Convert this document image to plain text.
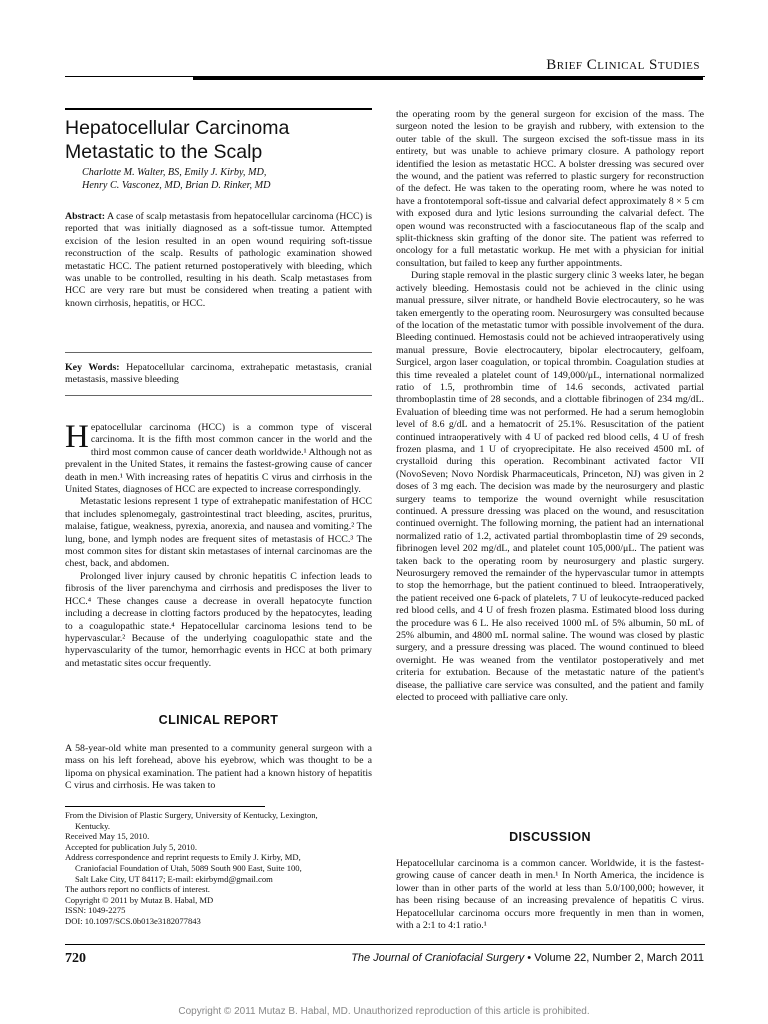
Brief Clinical Studies
Hepatocellular Carcinoma Metastatic to the Scalp
Charlotte M. Walter, BS, Emily J. Kirby, MD,
Henry C. Vasconez, MD, Brian D. Rinker, MD

Abstract: A case of scalp metastasis from hepatocellular carcinoma (HCC) is reported that was initially diagnosed as a soft-tissue tumor. Attempted excision of the lesion resulted in an open wound requiring soft-tissue reconstruction of the scalp. Results of pathologic examination showed metastatic HCC. The patient returned postoperatively with bleeding, which was unable to be controlled, resulting in his death. Scalp metastases from HCC are very rare but must be considered when treating a patient with known cirrhosis, hepatitis, or HCC.

Key Words: Hepatocellular carcinoma, extrahepatic metastasis, cranial metastasis, massive bleeding

Hepatocellular carcinoma (HCC) is a common type of visceral carcinoma. It is the fifth most common cancer in the world and the third most common cause of cancer death worldwide.¹ Although not as prevalent in the United States, it remains the fastest-growing cause of cancer death in men.¹ With increasing rates of hepatitis C virus and cirrhosis in the United States, diagnoses of HCC are expected to increase correspondingly.

Metastatic lesions represent 1 type of extrahepatic manifestation of HCC that includes splenomegaly, gastrointestinal tract bleeding, ascites, pruritus, malaise, fatigue, weakness, pyrexia, anorexia, and nausea and vomiting.² The lung, bone, and lymph nodes are frequent sites of metastasis of HCC.³ The most common sites for distant skin metastases of internal carcinomas are the chest, back, and abdomen.

Prolonged liver injury caused by chronic hepatitis C infection leads to fibrosis of the liver parenchyma and cirrhosis and predisposes the liver to HCC.⁴ These changes cause a decrease in overall hepatocyte function including a decrease in clotting factors produced by the hepatocytes, leading to a coagulopathic state.⁴ Hepatocellular carcinoma lesions tend to be hypervascular.² Because of the underlying coagulopathic state and the hypervascularity of the tumor, hemorrhagic events in HCC at both primary and metastatic sites occur frequently.

CLINICAL REPORT

A 58-year-old white man presented to a community general surgeon with a mass on his left forehead, above his eyebrow, which was thought to be a lipoma on physical examination. The patient had a known history of hepatitis C virus and cirrhosis. He was taken to

From the Division of Plastic Surgery, University of Kentucky, Lexington,
Kentucky.
Received May 15, 2010.
Accepted for publication July 5, 2010.
Address correspondence and reprint requests to Emily J. Kirby, MD,
Craniofacial Foundation of Utah, 5089 South 900 East, Suite 100,
Salt Lake City, UT 84117; E-mail: ekirbymd@gmail.com
The authors report no conflicts of interest.
Copyright © 2011 by Mutaz B. Habal, MD
ISSN: 1049-2275
DOI: 10.1097/SCS.0b013e3182077843

the operating room by the general surgeon for excision of the mass. The surgeon noted the lesion to be grayish and rubbery, with extension to the outer table of the skull. The surgeon excised the soft-tissue mass in its entirety, but was unable to achieve primary closure. A pathology report identified the lesion as metastatic HCC. A bolster dressing was secured over the wound, and the patient was referred to plastic surgery for reconstruction of the defect. He was taken to the operating room, where he was noted to have a frontotemporal soft-tissue and calvarial defect approximately 8 × 5 cm with exposed dura and lytic lesions surrounding the calvarial defect. The open wound was reconstructed with a fasciocutaneous flap of the scalp and split-thickness skin grafting of the donor site. The patient was referred to oncology for a full metastatic workup. He met with a physician for initial consultation, but failed to keep any further appointments.

During staple removal in the plastic surgery clinic 3 weeks later, he began actively bleeding. Hemostasis could not be achieved in the clinic using manual pressure, silver nitrate, or handheld Bovie electrocautery, so he was taken emergently to the operating room. Neurosurgery was consulted because of the location of the metastatic tumor with possible involvement of the dura. Bleeding continued. Hemostasis could not be achieved intraoperatively using manual pressure, Bovie electrocautery, bipolar electrocautery, gelfoam, Surgicel, argon laser coagulation, or topical thrombin. Coagulation studies at this time revealed a platelet count of 149,000/μL, international normalized ratio of 1.5, prothrombin time of 14.6 seconds, activated partial thromboplastin time of 28 seconds, and a clottable fibrinogen of 234 mg/dL. Evaluation of bleeding time was not performed. He had a serum hemoglobin level of 8.6 g/dL and a hematocrit of 25.1%. Resuscitation of the patient continued intraoperatively with 4 U of packed red blood cells, 4 U of fresh frozen plasma, and 1 U of cryoprecipitate. He also received 4500 mL of crystalloid during this operation. Recombinant activated factor VII (NovoSeven; Novo Nordisk Pharmaceuticals, Princeton, NJ) was given in 2 doses of 3 mg each. The decision was made by the neurosurgery and plastic surgery teams to temporize the wound overnight while resuscitation continued. A pressure dressing was placed on the wound, and resuscitation continued overnight. The following morning, the patient had an international normalized ratio of 1.2, activated partial thromboplastin time of 29 seconds, fibrinogen level 202 mg/dL, and platelet count 105,000/μL. The patient was taken back to the operating room by neurosurgery and plastic surgery. Neurosurgery removed the remainder of the hypervascular tumor in attempts to stop the hemorrhage, but the patient continued to bleed. Intraoperatively, the patient received one 6-pack of platelets, 7 U of leukocyte-reduced packed red blood cells, and 4 U of fresh frozen plasma. Estimated blood loss during the procedure was 6 L. He also received 1000 mL of 5% albumin, 50 mL of 25% albumin, and 4800 mL normal saline. The wound was closed by plastic surgery, and a pressure dressing was placed. The wound continued to bleed overnight. He was weaned from the ventilator postoperatively and met criteria for extubation. Because of the metastatic nature of the patient's disease, the palliative care service was consulted, and the patient and family elected to proceed with palliative care only.

DISCUSSION

Hepatocellular carcinoma is a common cancer. Worldwide, it is the fastest-growing cause of cancer death in men.¹ In North America, the incidence is lower than in other parts of the world at less than 5.0/100,000; however, it has been rising because of an increasing prevalence of hepatitis C virus. Hepatocellular carcinoma occurs more frequently in men than in women, with a 2:1 to 4:1 ratio.¹

720	The Journal of Craniofacial Surgery • Volume 22, Number 2, March 2011
Copyright © 2011 Mutaz B. Habal, MD. Unauthorized reproduction of this article is prohibited.
